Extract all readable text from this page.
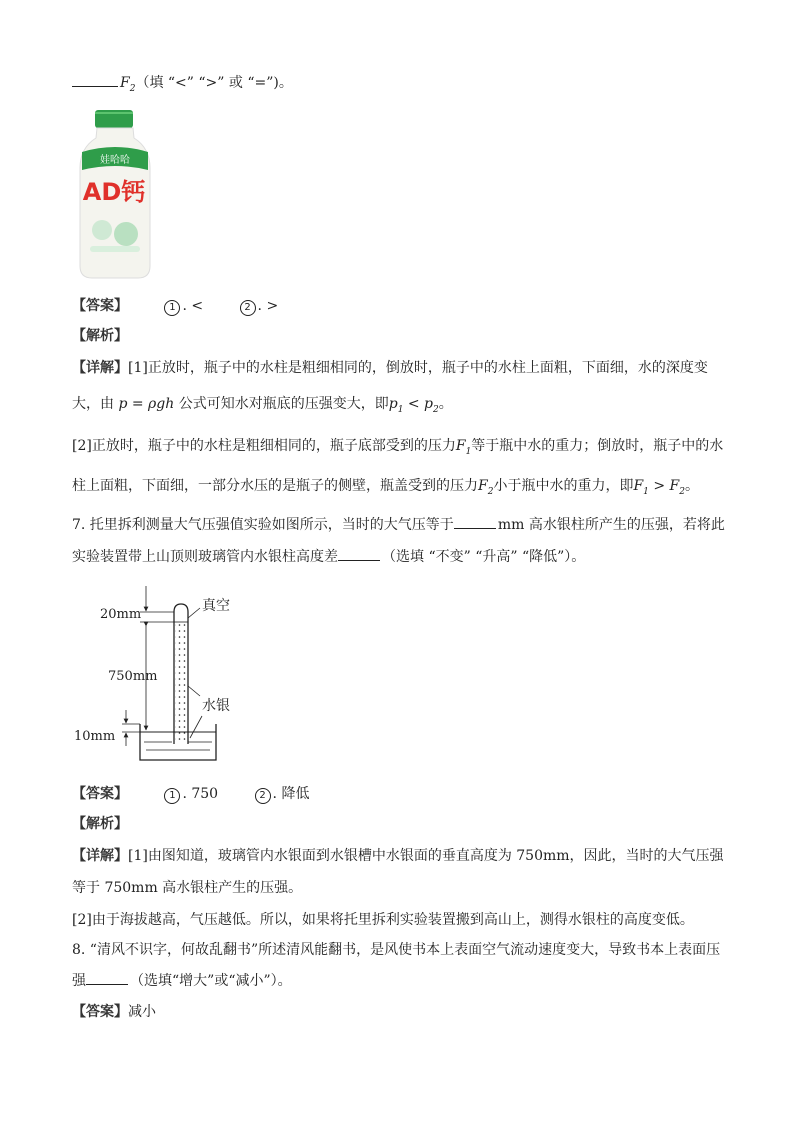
$F_2$（填 “<” “>” 或 “=”)。
娃哈哈
AD钙
【答案】	1 . <	2 . >
【解析】
【详解】[1]正放时，瓶子中的水柱是粗细相同的，倒放时，瓶子中的水柱上面粗，下面细，水的深度变
大，由 p = ρgh 公式可知水对瓶底的压强变大，即$p_1 < p_2$。
[2]正放时，瓶子中的水柱是粗细相同的，瓶子底部受到的压力$F_1$等于瓶中水的重力；倒放时，瓶子中的水
柱上面粗，下面细，一部分水压的是瓶子的侧壁，瓶盖受到的压力$F_2$小于瓶中水的重力，即$F_1 > F_2$。
7. 托里拆利测量大气压强值实验如图所示，当时的大气压等于	mm 高水银柱所产生的压强，若将此
实验装置带上山顶则玻璃管内水银柱高度差	（选填 “不变” “升高” “降低”）。
20mm
750mm
10mm
真空
水银
【答案】	1 . 750	2 . 降低
【解析】
【详解】[1]由图知道，玻璃管内水银面到水银槽中水银面的垂直高度为 750mm，因此，当时的大气压强
等于 750mm 高水银柱产生的压强。
[2]由于海拔越高，气压越低。所以，如果将托里拆利实验装置搬到高山上，测得水银柱的高度变低。
8. “清风不识字，何故乱翻书”所述清风能翻书，是风使书本上表面空气流动速度变大，导致书本上表面压
强	（选填“增大”或“减小”）。
【答案】减小
